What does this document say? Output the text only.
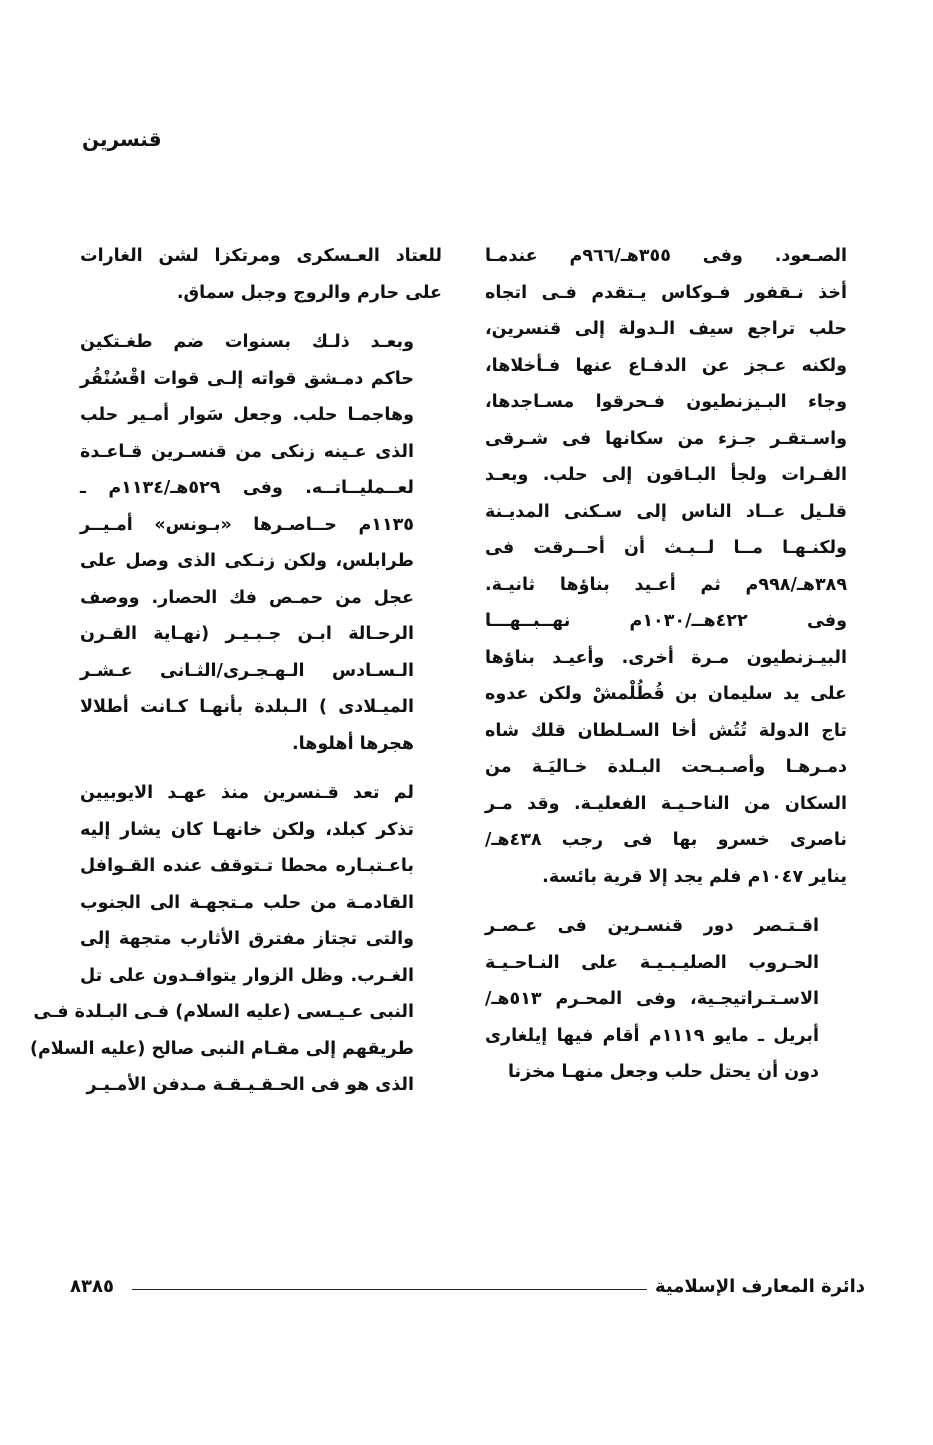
قنسرين

الصـعود. وفى ٣٥٥هـ/٩٦٦م عندمـا
أخذ نـقفور فـوكاس يـتقدم فـى اتجاه
حلب تراجع سيف الـدولة إلى قنسرين،
ولكنه عـجز عن الدفـاع عنها فـأخلاها،
وجاء البـيزنطيون فـحرقوا مسـاجدها،
واسـتقـر جـزء من سكانها فى شـرقى
الفـرات ولجأ البـاقون إلى حلب. وبعـد
قلـيل عــاد الناس إلى سـكنى المديـنة
ولكنـهـا مــا لــبـث أن أحــرقت فى
٣٨٩هـ/٩٩٨م ثم أعـيد بناؤها ثانيـة.
وفى ٤٢٢هــ/١٠٣٠م نهــبــهـــا
البيـزنطيون مـرة أخرى. وأعيـد بناؤها
على يد سليمان بن قُطُلْمشْ ولكن عدوه
تاج الدولة تُتُش أخا السـلطان قلك شاه
دمـرهـا وأصـبـحت البـلدة خـاليَـة من
السكان من الناحـيـة الفعليـة. وقد مـر
ناصرى خسرو بها فى رجب ٤٣٨هـ/
يناير ١٠٤٧م فلم يجد إلا قرية بائسة.

اقـتـصر دور قنسـرين فى عـصـر
الحـروب الصليـبـيـة على النـاحـيـة
الاسـتـراتيجـية، وفى المحـرم ٥١٣هـ/
أبريل ـ مايو ١١١٩م أقام فيها إيلغارى
دون أن يحتل حلب وجعل منهـا مخزنا

للعتاد العـسكرى ومرتكزا لشن الغارات
على حارم والروج وجبل سماق.

وبعـد ذلـك بسنوات ضم طغـتكين
حاكم دمـشق قواته إلـى قوات اقْسُنْقُر
وهاجمـا حلب. وجعل سَوار أمـير حلب
الذى عـينه زنكى من قنسـرين قـاعـدة
لعــمليــاتــه. وفى ٥٢٩هـ/١١٣٤م ـ
١١٣٥م حــاصـرها «بـونس» أمـيــر
طرابلس، ولكن زنـكى الذى وصل على
عجل من حمـص فك الحصار. ووصف
الرحـالة ابـن جـبـيـر (نهـاية القـرن
الـسـادس الـهـجـرى/الثـانى عـشـر
الميـلادى ) الـبلدة بأنهـا كـانت أطلالا
هجرها أهلوها.

لم تعد قـنسرين منذ عهـد الايوبيين
تذكر كبلد، ولكن خانهـا كان يشار إليه
باعـتبـاره محطا تـتوقف عنده القـوافل
القادمـة من حلب مـتجهـة الى الجنوب
والتى تجتاز مفترق الأثارب متجهة إلى
الغـرب. وظل الزوار يتوافـدون على تل
النبى عـيـسى (عليه السلام) فـى البـلدة فـى
طريقهم إلى مقـام النبى صالح (عليه السلام)
الذى هو فى الحـقـيـقـة مـدفن الأمـيـر

دائرة المعارف الإسلامية
٨٣٨٥
